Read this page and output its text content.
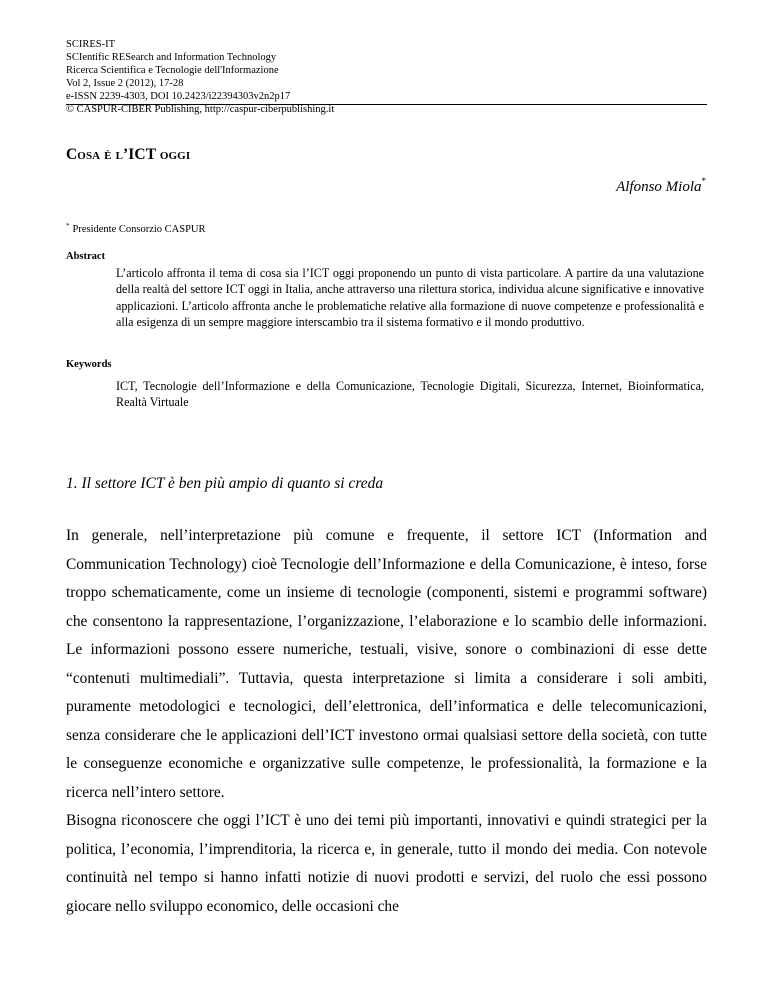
SCIRES-IT
SCIentific RESearch and Information Technology
Ricerca Scientifica e Tecnologie dell'Informazione
Vol 2, Issue 2 (2012), 17-28
e-ISSN 2239-4303, DOI 10.2423/i22394303v2n2p17
© CASPUR-CIBER Publishing, http://caspur-ciberpublishing.it
Cosa è l’ICT oggi
Alfonso Miola*
* Presidente Consorzio CASPUR
Abstract
L’articolo affronta il tema di cosa sia l’ICT oggi proponendo un punto di vista particolare. A partire da una valutazione della realtà del settore ICT oggi in Italia, anche attraverso una rilettura storica, individua alcune significative e innovative applicazioni. L’articolo affronta anche le problematiche relative alla formazione di nuove competenze e professionalità e alla esigenza di un sempre maggiore interscambio tra il sistema formativo e il mondo produttivo.
Keywords
ICT, Tecnologie dell’Informazione e della Comunicazione, Tecnologie Digitali, Sicurezza, Internet, Bioinformatica, Realtà Virtuale
1. Il settore ICT è ben più ampio di quanto si creda

In generale, nell’interpretazione più comune e frequente, il settore ICT (Information and Communication Technology) cioè Tecnologie dell’Informazione e della Comunicazione, è inteso, forse troppo schematicamente, come un insieme di tecnologie (componenti, sistemi e programmi software) che consentono la rappresentazione, l’organizzazione, l’elaborazione e lo scambio delle informazioni. Le informazioni possono essere numeriche, testuali, visive, sonore o combinazioni di esse dette “contenuti multimediali”. Tuttavia, questa interpretazione si limita a considerare i soli ambiti, puramente metodologici e tecnologici, dell’elettronica, dell’informatica e delle telecomunicazioni, senza considerare che le applicazioni dell’ICT investono ormai qualsiasi settore della società, con tutte le conseguenze economiche e organizzative sulle competenze, le professionalità, la formazione e la ricerca nell’intero settore.

Bisogna riconoscere che oggi l’ICT è uno dei temi più importanti, innovativi e quindi strategici per la politica, l’economia, l’imprenditoria, la ricerca e, in generale, tutto il mondo dei media. Con notevole continuità nel tempo si hanno infatti notizie di nuovi prodotti e servizi, del ruolo che essi possono giocare nello sviluppo economico, delle occasioni che
